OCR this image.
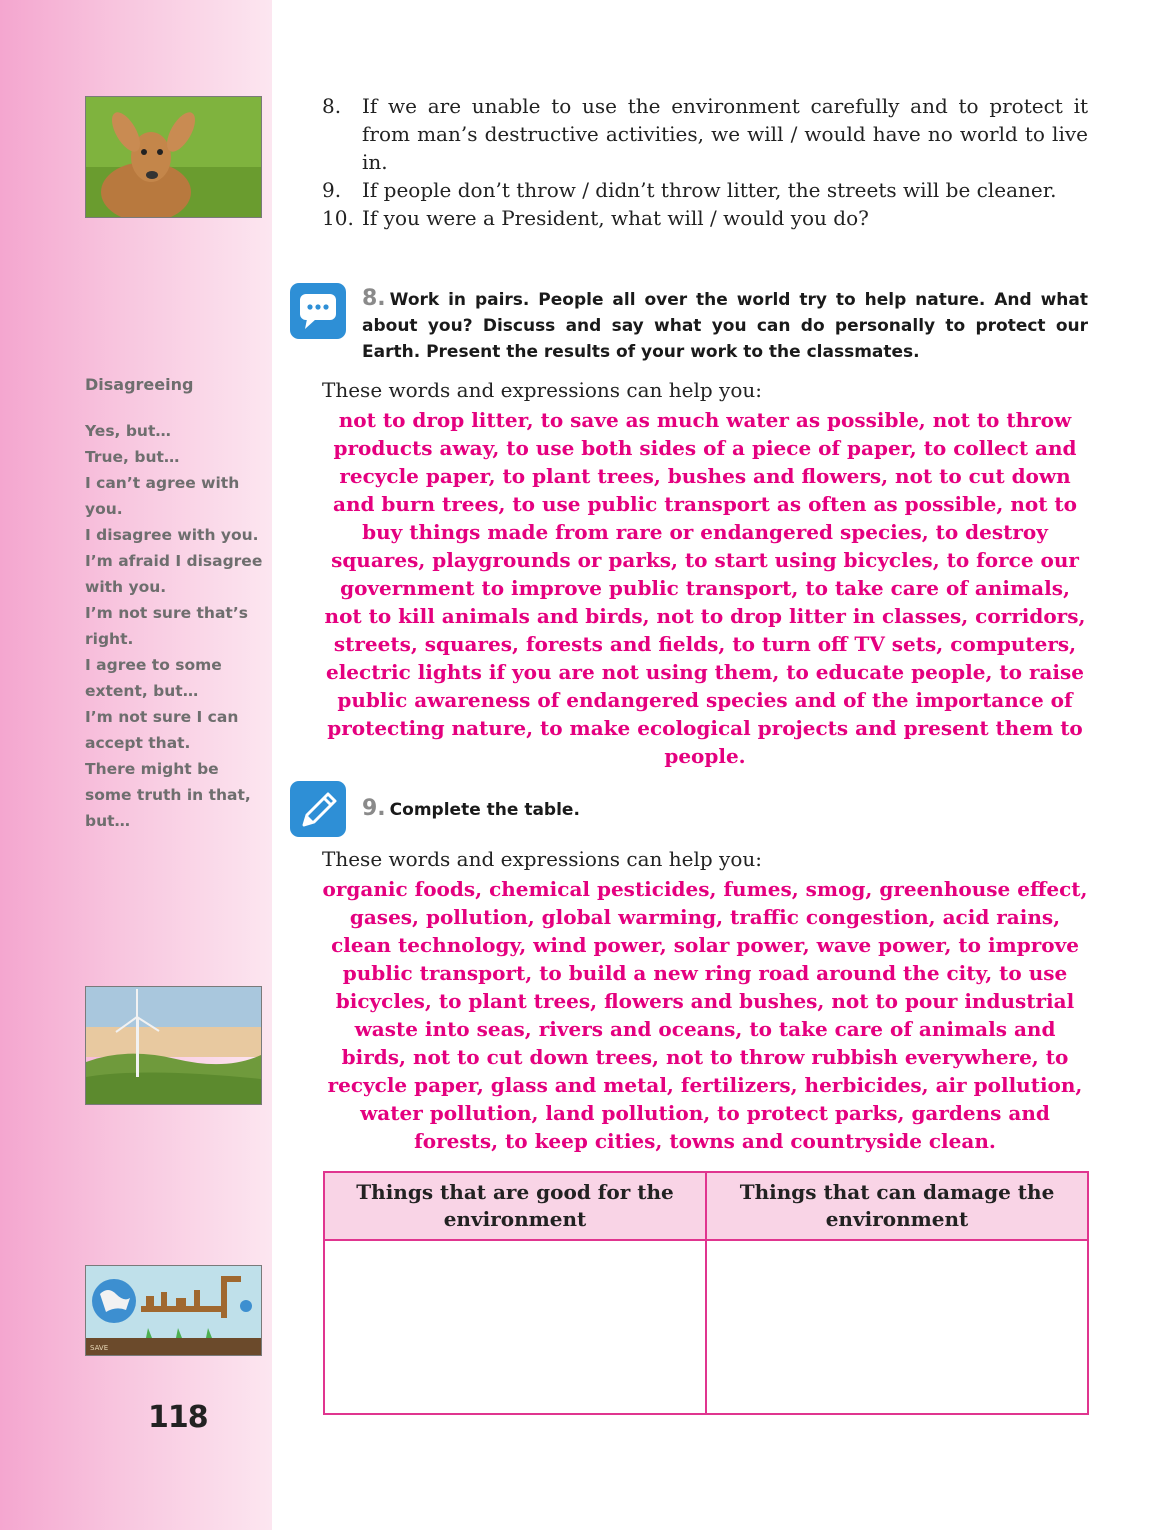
Disagreeing
Yes, but…
True, but…
I can’t agree with you.
I disagree with you.
I’m afraid I disagree with you.
I’m not sure that’s right.
I agree to some extent, but…
I’m not sure I can accept that.
There might be some truth in that, but…
SAVE
118
8.	If we are unable to use the environment carefully and to protect it from man’s destructive activities, we will / would have no world to live in.
9.	If people don’t throw / didn’t throw litter, the streets will be cleaner.
10. If you were a President, what will / would you do?
8. Work in pairs. People all over the world try to help nature. And what about you? Discuss and say what you can do personally to protect our Earth. Present the results of your work to the classmates.
These words and expressions can help you:
not to drop litter, to save as much water as possible, not to throw products away, to use both sides of a piece of paper, to collect and recycle paper, to plant trees, bushes and flowers, not to cut down and burn trees, to use public transport as often as possible, not to buy things made from rare or endangered species, to destroy squares, playgrounds or parks, to start using bicycles, to force our government to improve public transport, to take care of animals, not to kill animals and birds, not to drop litter in classes, corridors, streets, squares, forests and fields, to turn off TV sets, computers, electric lights if you are not using them, to educate people, to raise public awareness of endangered species and of the importance of protecting nature, to make ecological projects and present them to people.
9. Complete the table.
These words and expressions can help you:
organic foods, chemical pesticides, fumes, smog, greenhouse effect, gases, pollution, global warming, traffic congestion, acid rains, clean technology, wind power, solar power, wave power, to improve public transport, to build a new ring road around the city, to use bicycles, to plant trees, flowers and bushes, not to pour industrial waste into seas, rivers and oceans, to take care of animals and birds, not to cut down trees, not to throw rubbish everywhere, to recycle paper, glass and metal, fertilizers, herbicides, air pollution, water pollution, land pollution, to protect parks, gardens and forests, to keep cities, towns and countryside clean.
Things that are good for the environment	Things that can damage the environment
